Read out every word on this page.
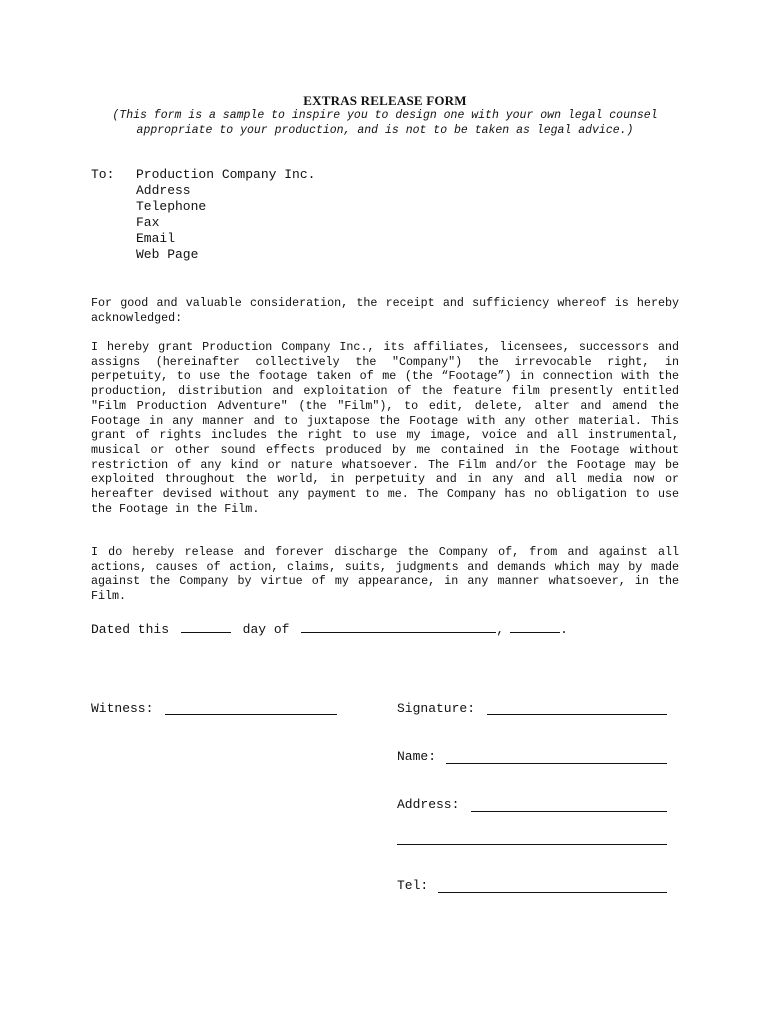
EXTRAS RELEASE FORM
(This form is a sample to inspire you to design one with your own legal counsel
appropriate to your production, and is not to be taken as legal advice.)
To: Production Company Inc.
Address
Telephone
Fax
Email
Web Page
For good and valuable consideration, the receipt and sufficiency whereof is hereby acknowledged:
I hereby grant Production Company Inc., its affiliates, licensees, successors and assigns (hereinafter collectively the "Company") the irrevocable right, in perpetuity, to use the footage taken of me (the “Footage”) in connection with the production, distribution and exploitation of the feature film presently entitled "Film Production Adventure" (the "Film"), to edit, delete, alter and amend the Footage in any manner and to juxtapose the Footage with any other material. This grant of rights includes the right to use my image, voice and all instrumental, musical or other sound effects produced by me contained in the Footage without restriction of any kind or nature whatsoever. The Film and/or the Footage may be exploited throughout the world, in perpetuity and in any and all media now or hereafter devised without any payment to me. The Company has no obligation to use the Footage in the Film.
I do hereby release and forever discharge the Company of, from and against all actions, causes of action, claims, suits, judgments and demands which may by made against the Company by virtue of my appearance, in any manner whatsoever, in the Film.
Dated this	day of	,	.
Witness:	Signature:
Name:
Address:
Tel:
